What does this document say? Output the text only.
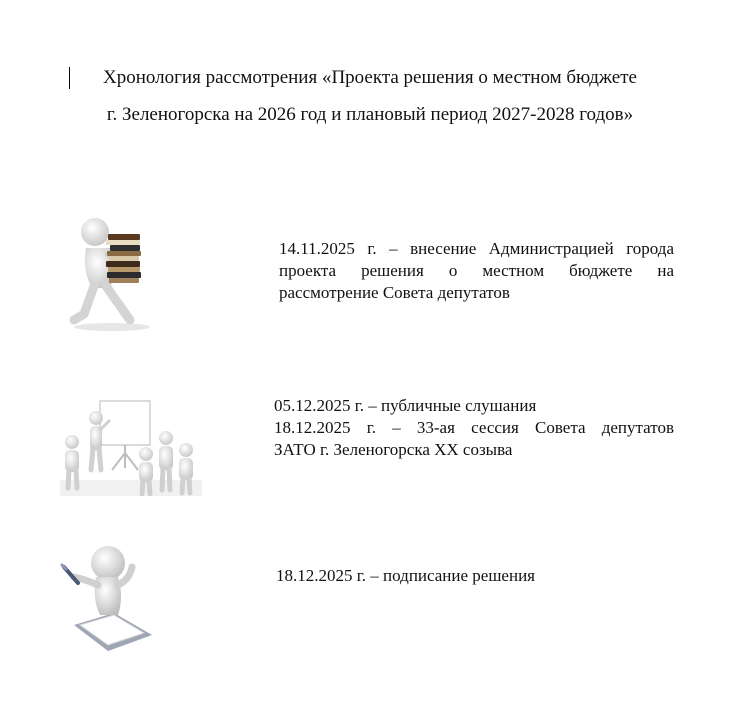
Хронология рассмотрения «Проекта решения о местном бюджете
г. Зеленогорска на 2026 год и плановый период 2027-2028 годов»

14.11.2025 г. – внесение Администрацией города

проекта решения о местном бюджете на

рассмотрение Совета депутатов

05.12.2025 г. – публичные слушания

18.12.2025 г. – 33-ая сессия Совета депутатов

ЗАТО г. Зеленогорска XX созыва

18.12.2025 г. – подписание решения
